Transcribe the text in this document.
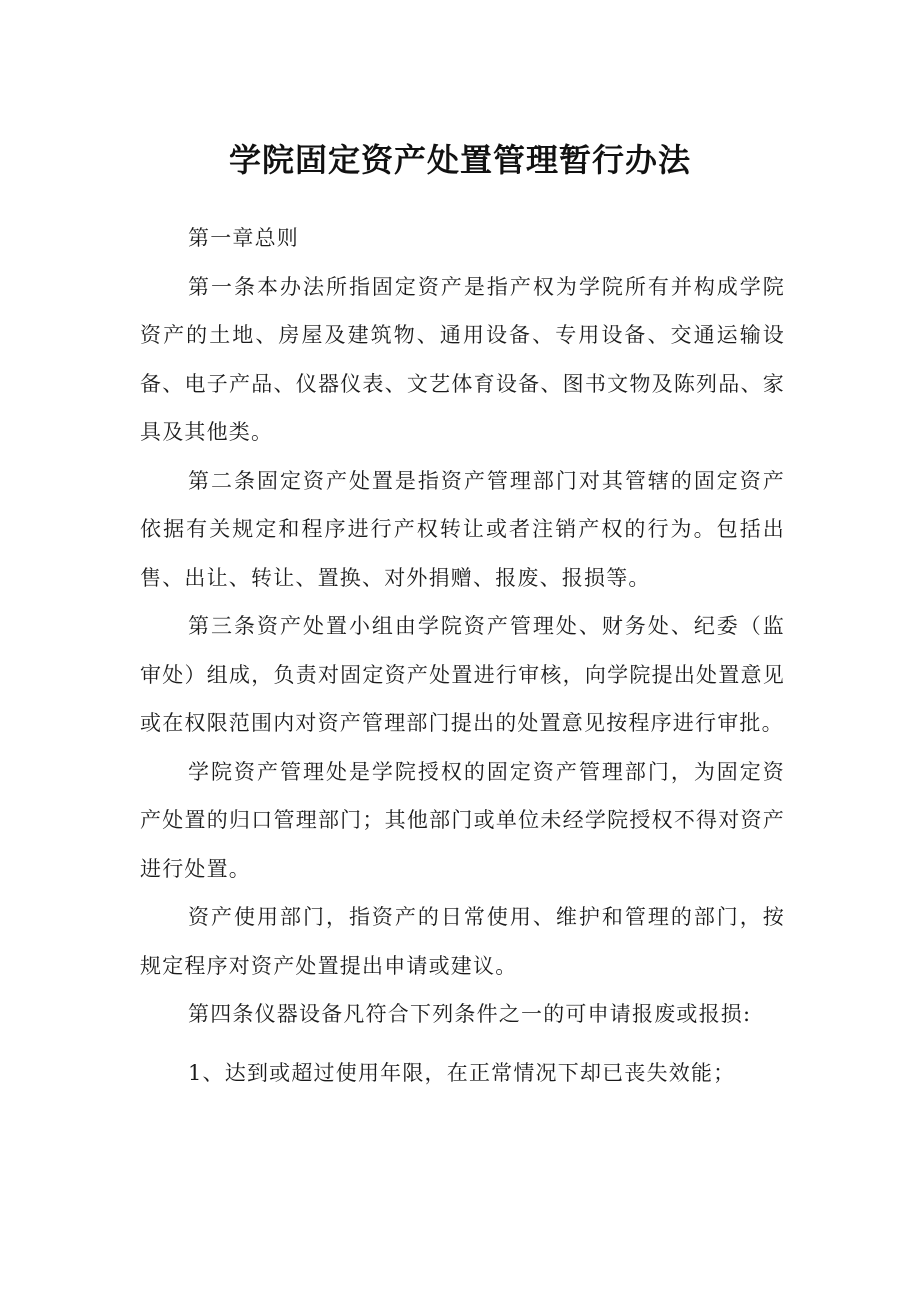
学院固定资产处置管理暂行办法

第一章总则

第一条本办法所指固定资产是指产权为学院所有并构成学院资产的土地、房屋及建筑物、通用设备、专用设备、交通运输设备、电子产品、仪器仪表、文艺体育设备、图书文物及陈列品、家具及其他类。

第二条固定资产处置是指资产管理部门对其管辖的固定资产依据有关规定和程序进行产权转让或者注销产权的行为。包括出售、出让、转让、置换、对外捐赠、报废、报损等。

第三条资产处置小组由学院资产管理处、财务处、纪委（监审处）组成，负责对固定资产处置进行审核，向学院提出处置意见或在权限范围内对资产管理部门提出的处置意见按程序进行审批。

学院资产管理处是学院授权的固定资产管理部门，为固定资产处置的归口管理部门；其他部门或单位未经学院授权不得对资产进行处置。

资产使用部门，指资产的日常使用、维护和管理的部门，按规定程序对资产处置提出申请或建议。

第四条仪器设备凡符合下列条件之一的可申请报废或报损:

1、达到或超过使用年限，在正常情况下却已丧失效能；
